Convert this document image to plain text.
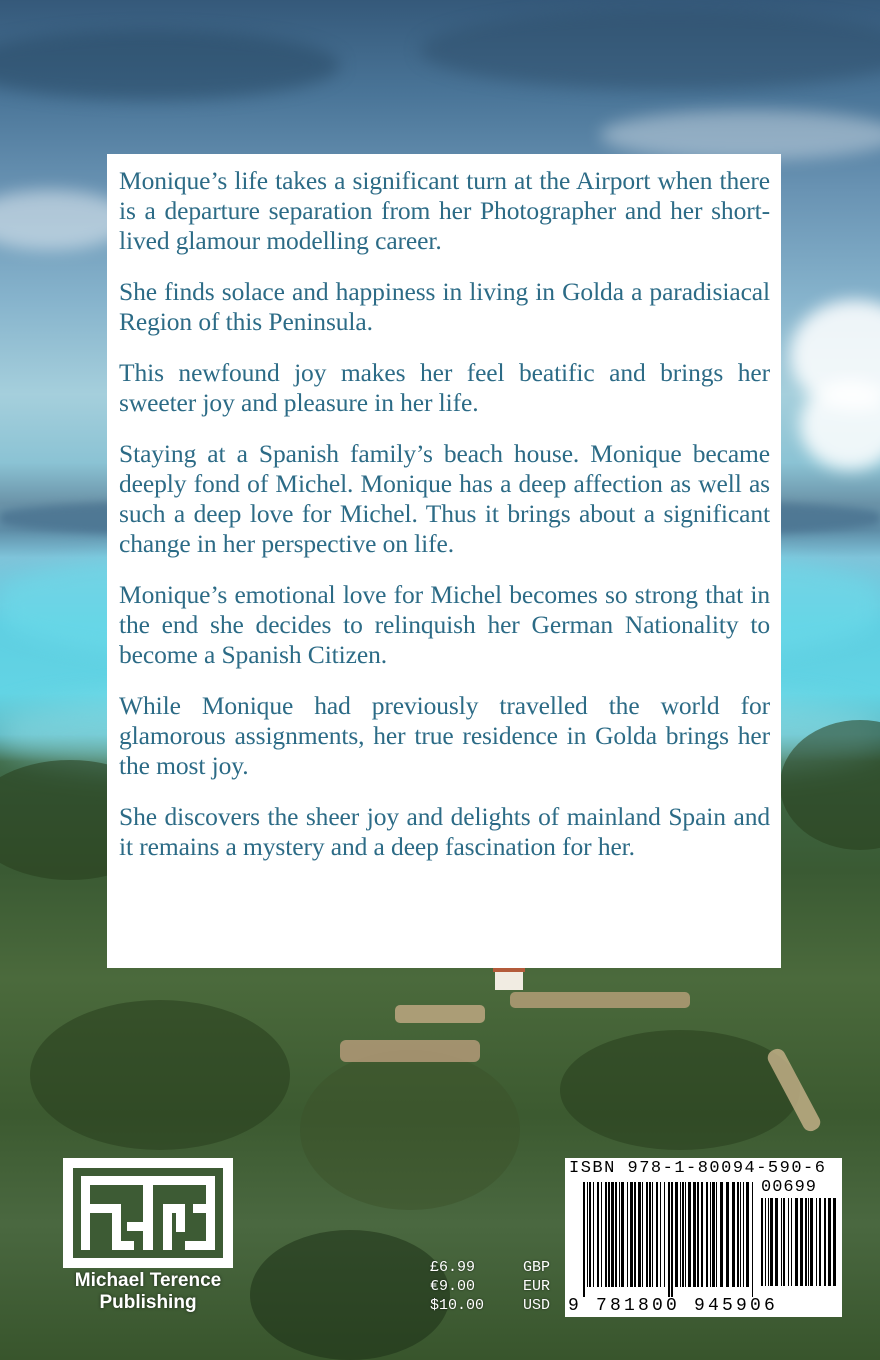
Monique’s life takes a significant turn at the Airport when there is a departure separation from her Photographer and her short-lived glamour modelling career.

She finds solace and happiness in living in Golda a paradisiacal Region of this Peninsula.

This newfound joy makes her feel beatific and brings her sweeter joy and pleasure in her life.

Staying at a Spanish family’s beach house. Monique became deeply fond of Michel. Monique has a deep affection as well as such a deep love for Michel. Thus it brings about a significant change in her perspective on life.

Monique’s emotional love for Michel becomes so strong that in the end she decides to relinquish her German Nationality to become a Spanish Citizen.

While Monique had previously travelled the world for glamorous assignments, her true residence in Golda brings her the most joy.

She discovers the sheer joy and delights of mainland Spain and it remains a mystery and a deep fascination for her.

Michael Terence
Publishing
£6.99	GBP
€9.00	EUR
$10.00	USD
ISBN 978-1-80094-590-6
00699
9 781800 945906
